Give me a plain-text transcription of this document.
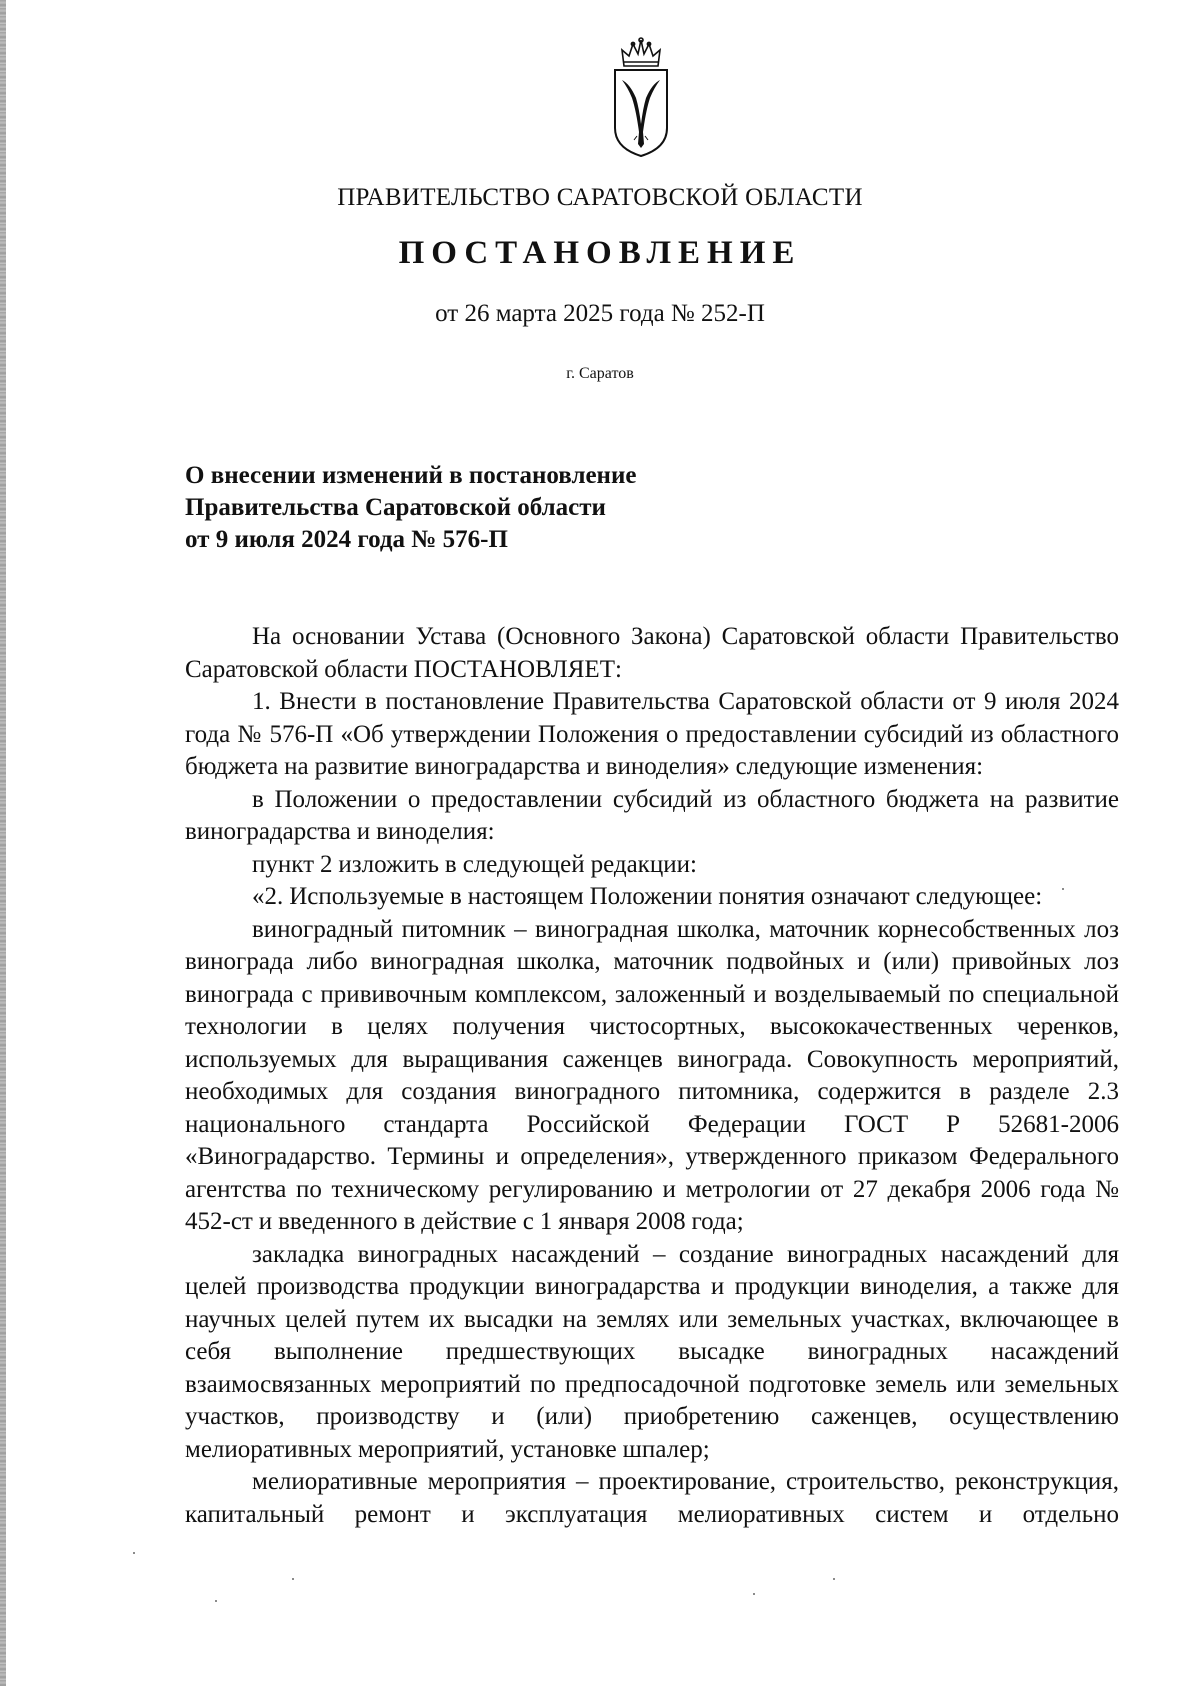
ПРАВИТЕЛЬСТВО САРАТОВСКОЙ ОБЛАСТИ
ПОСТАНОВЛЕНИЕ
от 26 марта 2025 года № 252-П
г. Саратов
О внесении изменений в постановление
Правительства Саратовской области
от 9 июля 2024 года № 576-П

На основании Устава (Основного Закона) Саратовской области Правительство Саратовской области ПОСТАНОВЛЯЕТ:

1. Внести в постановление Правительства Саратовской области от 9 июля 2024 года № 576-П «Об утверждении Положения о предоставлении субсидий из областного бюджета на развитие виноградарства и виноделия» следующие изменения:

в Положении о предоставлении субсидий из областного бюджета на развитие виноградарства и виноделия:

пункт 2 изложить в следующей редакции:

«2. Используемые в настоящем Положении понятия означают следующее:

виноградный питомник – виноградная школка, маточник корнесобственных лоз винограда либо виноградная школка, маточник подвойных и (или) привойных лоз винограда с прививочным комплексом, заложенный и возделываемый по специальной технологии в целях получения чистосортных, высококачественных черенков, используемых для выращивания саженцев винограда. Совокупность мероприятий, необходимых для создания виноградного питомника, содержится в разделе 2.3 национального стандарта Российской Федерации ГОСТ Р 52681-2006 «Виноградарство. Термины и определения», утвержденного приказом Федерального агентства по техническому регулированию и метрологии от 27 декабря 2006 года № 452-ст и введенного в действие с 1 января 2008 года;

закладка виноградных насаждений – создание виноградных насаждений для целей производства продукции виноградарства и продукции виноделия, а также для научных целей путем их высадки на землях или земельных участках, включающее в себя выполнение предшествующих высадке виноградных насаждений взаимосвязанных мероприятий по предпосадочной подготовке земель или земельных участков, производству и (или) приобретению саженцев, осуществлению мелиоративных мероприятий, установке шпалер;

мелиоративные мероприятия – проектирование, строительство, реконструкция, капитальный ремонт и эксплуатация мелиоративных систем и отдельно
